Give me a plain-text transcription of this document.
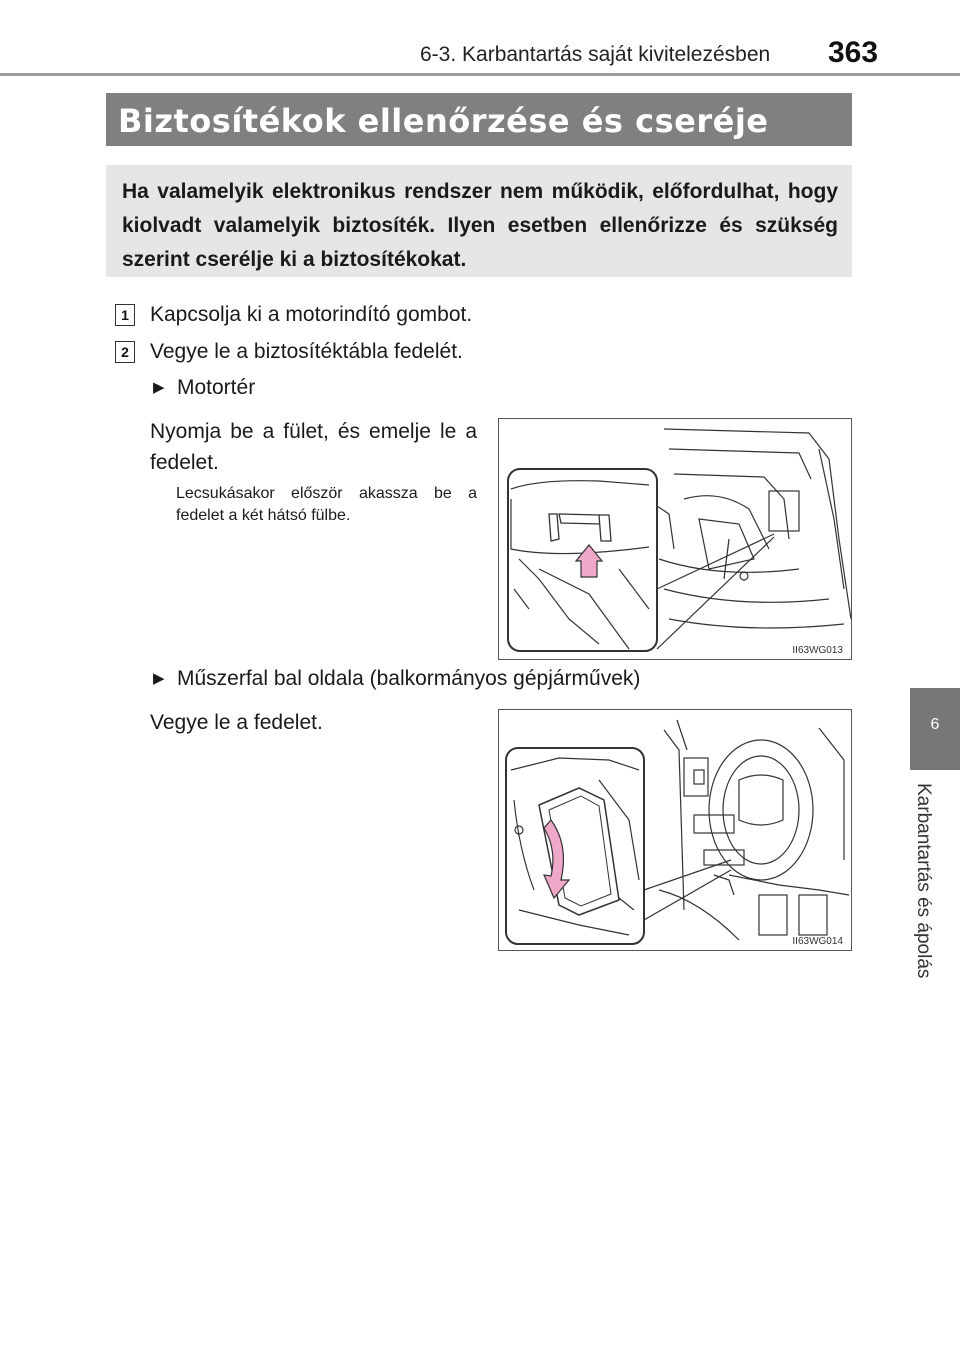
6-3. Karbantartás saját kivitelezésben 363
6
Karbantartás és ápolás
Biztosítékok ellenőrzése és cseréje
Ha valamelyik elektronikus rendszer nem működik, előfordulhat, hogy kiolvadt valamelyik biztosíték. Ilyen esetben ellenőrizze és szükség szerint cserélje ki a biztosítékokat.
1 Kapcsolja ki a motorindító gombot.
2 Vegye le a biztosítéktábla fedelét.
▶ Motortér
Nyomja be a fület, és emelje le a fedelet.
Lecsukásakor először akassza be a fedelet a két hátsó fülbe.
II63WG013
▶ Műszerfal bal oldala (balkormányos gépjárművek)
Vegye le a fedelet.
II63WG014
